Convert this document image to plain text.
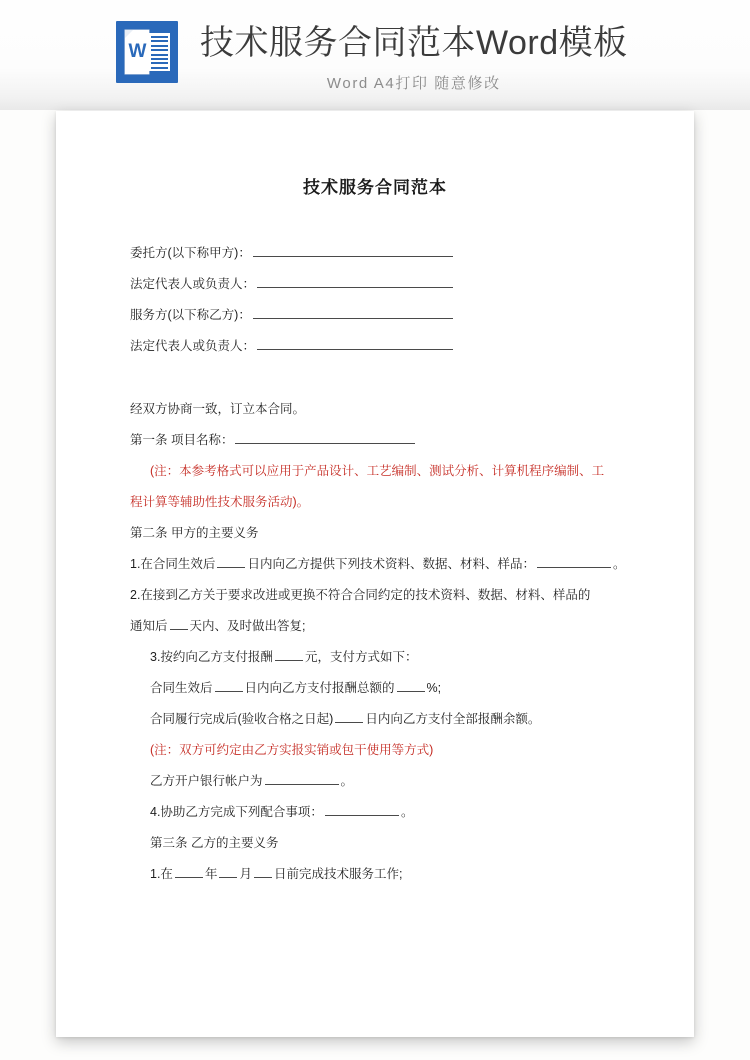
W 技术服务合同范本Word模板
Word A4打印 随意修改
技术服务合同范本
委托方(以下称甲方)：
法定代表人或负责人：
服务方(以下称乙方)：
法定代表人或负责人：
经双方协商一致，订立本合同。
第一条 项目名称：
(注：本参考格式可以应用于产品设计、工艺编制、测试分析、计算机程序编制、工
程计算等辅助性技术服务活动)。
第二条 甲方的主要义务
1.在合同生效后	日内向乙方提供下列技术资料、数据、材料、样品：	。
2.在接到乙方关于要求改进或更换不符合合同约定的技术资料、数据、材料、样品的
通知后 天内、及时做出答复;
3.按约向乙方支付报酬	元，支付方式如下：
合同生效后	日内向乙方支付报酬总额的	%;
合同履行完成后(验收合格之日起)	日内向乙方支付全部报酬余额。
(注：双方可约定由乙方实报实销或包干使用等方式)
乙方开户银行帐户为	。
4.协助乙方完成下列配合事项：	。
第三条 乙方的主要义务
1.在	年 月 日前完成技术服务工作;
